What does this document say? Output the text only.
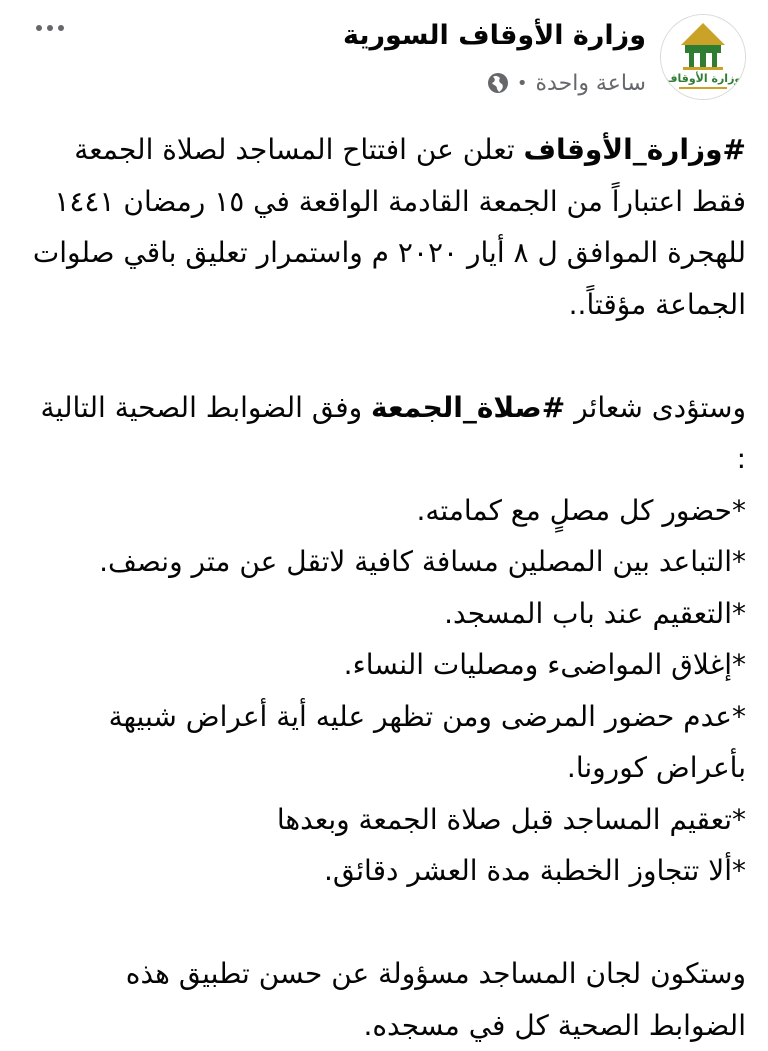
وزارة الأوقاف
وزارة الأوقاف السورية
ساعة واحدة
•

#وزارة_الأوقاف تعلن عن افتتاح المساجد لصلاة الجمعة فقط اعتباراً من الجمعة القادمة الواقعة في ١٥ رمضان ١٤٤١ للهجرة الموافق ل ٨ أيار ٢٠٢٠ م واستمرار تعليق باقي صلوات الجماعة مؤقتاً..

وستؤدى شعائر #صلاة_الجمعة وفق الضوابط الصحية التالية :

*حضور كل مصلٍ مع كمامته.

*التباعد بين المصلين مسافة كافية لاتقل عن متر ونصف.

*التعقيم عند باب المسجد.

*إغلاق المواضىء ومصليات النساء.

*عدم حضور المرضى ومن تظهر عليه أية أعراض شبيهة بأعراض كورونا.

*تعقيم المساجد قبل صلاة الجمعة وبعدها

*ألا تتجاوز الخطبة مدة العشر دقائق.

وستكون لجان المساجد مسؤولة عن حسن تطبيق هذه الضوابط الصحية كل في مسجده.
